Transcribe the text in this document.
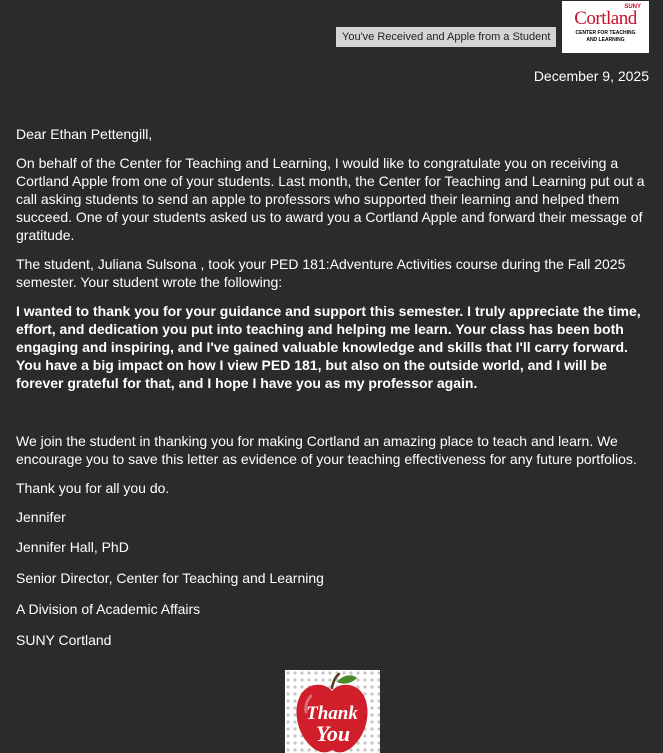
SUNY
Cortland
CENTER FOR TEACHING
AND LEARNING
You've Received and Apple from a Student
December 9, 2025

Dear Ethan Pettengill,

On behalf of the Center for Teaching and Learning, I would like to congratulate you on receiving a Cortland Apple from one of your students. Last month, the Center for Teaching and Learning put out a call asking students to send an apple to professors who supported their learning and helped them succeed. One of your students asked us to award you a Cortland Apple and forward their message of gratitude.

The student, Juliana Sulsona , took your PED 181:Adventure Activities course during the Fall 2025 semester. Your student wrote the following:

I wanted to thank you for your guidance and support this semester. I truly appreciate the time, effort, and dedication you put into teaching and helping me learn. Your class has been both engaging and inspiring, and I've gained valuable knowledge and skills that I'll carry forward. You have a big impact on how I view PED 181, but also on the outside world, and I will be forever grateful for that, and I hope I have you as my professor again.

We join the student in thanking you for making Cortland an amazing place to teach and learn. We encourage you to save this letter as evidence of your teaching effectiveness for any future portfolios.

Thank you for all you do.

Jennifer

Jennifer Hall, PhD

Senior Director, Center for Teaching and Learning

A Division of Academic Affairs

SUNY Cortland

Thank
You
